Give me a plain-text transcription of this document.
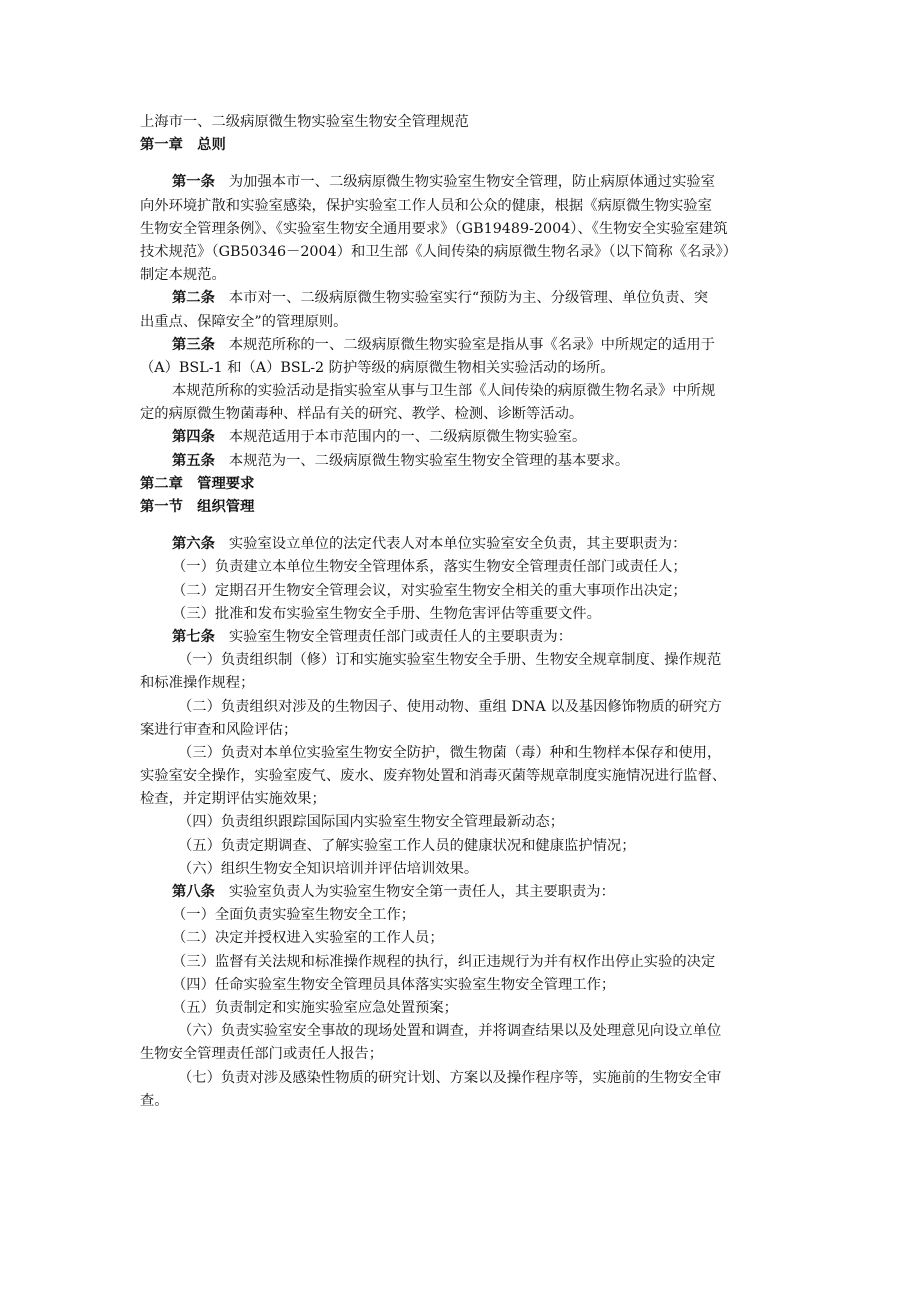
上海市一、二级病原微生物实验室生物安全管理规范
第一章　总则
第一条 为加强本市一、二级病原微生物实验室生物安全管理，防止病原体通过实验室
向外环境扩散和实验室感染，保护实验室工作人员和公众的健康，根据《病原微生物实验室
生物安全管理条例》、《实验室生物安全通用要求》（GB19489-2004）、《生物安全实验室建筑
技术规范》（GB50346－2004）和卫生部《人间传染的病原微生物名录》（以下简称《名录》）
制定本规范。
第二条 本市对一、二级病原微生物实验室实行“预防为主、分级管理、单位负责、突
出重点、保障安全”的管理原则。
第三条 本规范所称的一、二级病原微生物实验室是指从事《名录》中所规定的适用于
（A）BSL-1 和（A）BSL-2 防护等级的病原微生物相关实验活动的场所。
本规范所称的实验活动是指实验室从事与卫生部《人间传染的病原微生物名录》中所规
定的病原微生物菌毒种、样品有关的研究、教学、检测、诊断等活动。
第四条 本规范适用于本市范围内的一、二级病原微生物实验室。
第五条 本规范为一、二级病原微生物实验室生物安全管理的基本要求。
第二章　管理要求
第一节　组织管理
第六条 实验室设立单位的法定代表人对本单位实验室安全负责，其主要职责为：
（一）负责建立本单位生物安全管理体系，落实生物安全管理责任部门或责任人；
（二）定期召开生物安全管理会议，对实验室生物安全相关的重大事项作出决定；
（三）批准和发布实验室生物安全手册、生物危害评估等重要文件。
第七条 实验室生物安全管理责任部门或责任人的主要职责为：
（一）负责组织制（修）订和实施实验室生物安全手册、生物安全规章制度、操作规范
和标准操作规程；
（二）负责组织对涉及的生物因子、使用动物、重组 DNA 以及基因修饰物质的研究方
案进行审查和风险评估；
（三）负责对本单位实验室生物安全防护，微生物菌（毒）种和生物样本保存和使用，
实验室安全操作，实验室废气、废水、废弃物处置和消毒灭菌等规章制度实施情况进行监督、
检查，并定期评估实施效果；
（四）负责组织跟踪国际国内实验室生物安全管理最新动态；
（五）负责定期调查、了解实验室工作人员的健康状况和健康监护情况；
（六）组织生物安全知识培训并评估培训效果。
第八条 实验室负责人为实验室生物安全第一责任人，其主要职责为：
（一）全面负责实验室生物安全工作；
（二）决定并授权进入实验室的工作人员；
（三）监督有关法规和标准操作规程的执行，纠正违规行为并有权作出停止实验的决定
（四）任命实验室生物安全管理员具体落实实验室生物安全管理工作；
（五）负责制定和实施实验室应急处置预案；
（六）负责实验室安全事故的现场处置和调查，并将调查结果以及处理意见向设立单位
生物安全管理责任部门或责任人报告；
（七）负责对涉及感染性物质的研究计划、方案以及操作程序等，实施前的生物安全审
查。
